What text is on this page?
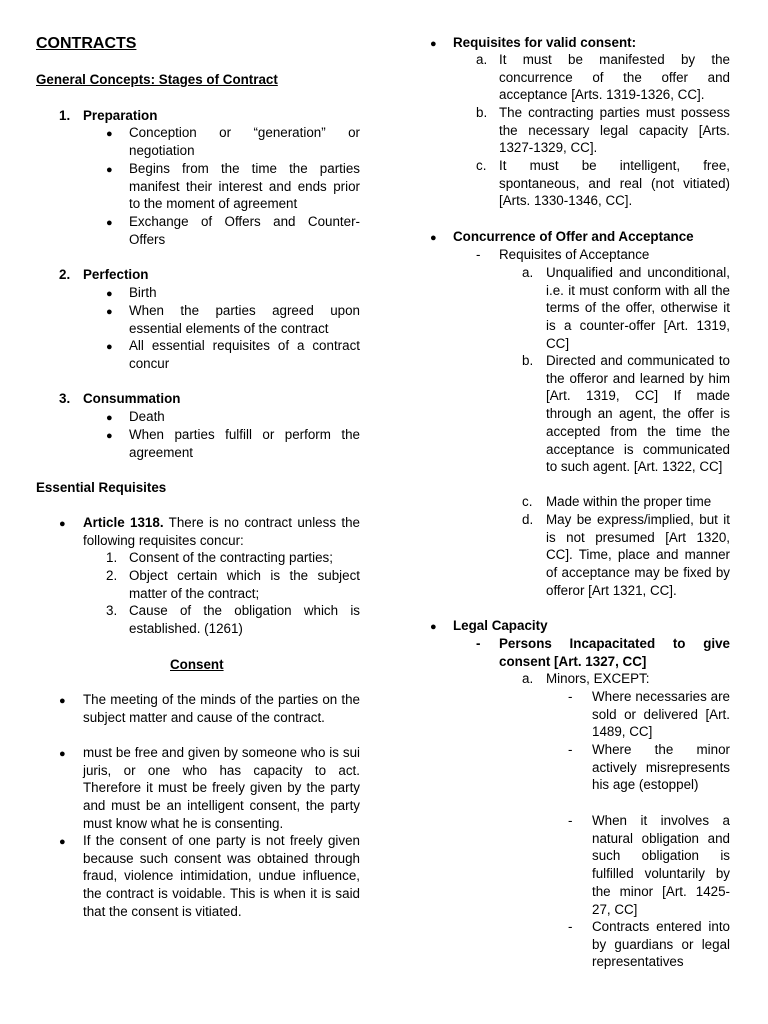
CONTRACTS
General Concepts: Stages of Contract
1. Preparation
● Conception or “generation” or negotiation
● Begins from the time the parties manifest their interest and ends prior to the moment of agreement
● Exchange of Offers and Counter-Offers
2. Perfection
● Birth
● When the parties agreed upon essential elements of the contract
● All essential requisites of a contract concur
3. Consummation
● Death
● When parties fulfill or perform the agreement
Essential Requisites
● Article 1318. There is no contract unless the following requisites concur:
1. Consent of the contracting parties;
2. Object certain which is the subject matter of the contract;
3. Cause of the obligation which is established. (1261)
Consent
● The meeting of the minds of the parties on the subject matter and cause of the contract.
● must be free and given by someone who is sui juris, or one who has capacity to act. Therefore it must be freely given by the party and must be an intelligent consent, the party must know what he is consenting.
● If the consent of one party is not freely given because such consent was obtained through fraud, violence intimidation, undue influence, the contract is voidable. This is when it is said that the consent is vitiated.
● Requisites for valid consent:
a. It must be manifested by the concurrence of the offer and acceptance [Arts. 1319-1326, CC].
b. The contracting parties must possess the necessary legal capacity [Arts. 1327-1329, CC].
c. It must be intelligent, free, spontaneous, and real (not vitiated) [Arts. 1330-1346, CC].
● Concurrence of Offer and Acceptance
- Requisites of Acceptance
a. Unqualified and unconditional, i.e. it must conform with all the terms of the offer, otherwise it is a counter-offer [Art. 1319, CC]
b. Directed and communicated to the offeror and learned by him [Art. 1319, CC] If made through an agent, the offer is accepted from the time the acceptance is communicated to such agent. [Art. 1322, CC]
c. Made within the proper time
d. May be express/implied, but it is not presumed [Art 1320, CC]. Time, place and manner of acceptance may be fixed by offeror [Art 1321, CC].
● Legal Capacity
- Persons Incapacitated to give consent [Art. 1327, CC]
a. Minors, EXCEPT:
- Where necessaries are sold or delivered [Art. 1489, CC]
- Where the minor actively misrepresents his age (estoppel)
- When it involves a natural obligation and such obligation is fulfilled voluntarily by the minor [Art. 1425-27, CC]
- Contracts entered into by guardians or legal representatives
